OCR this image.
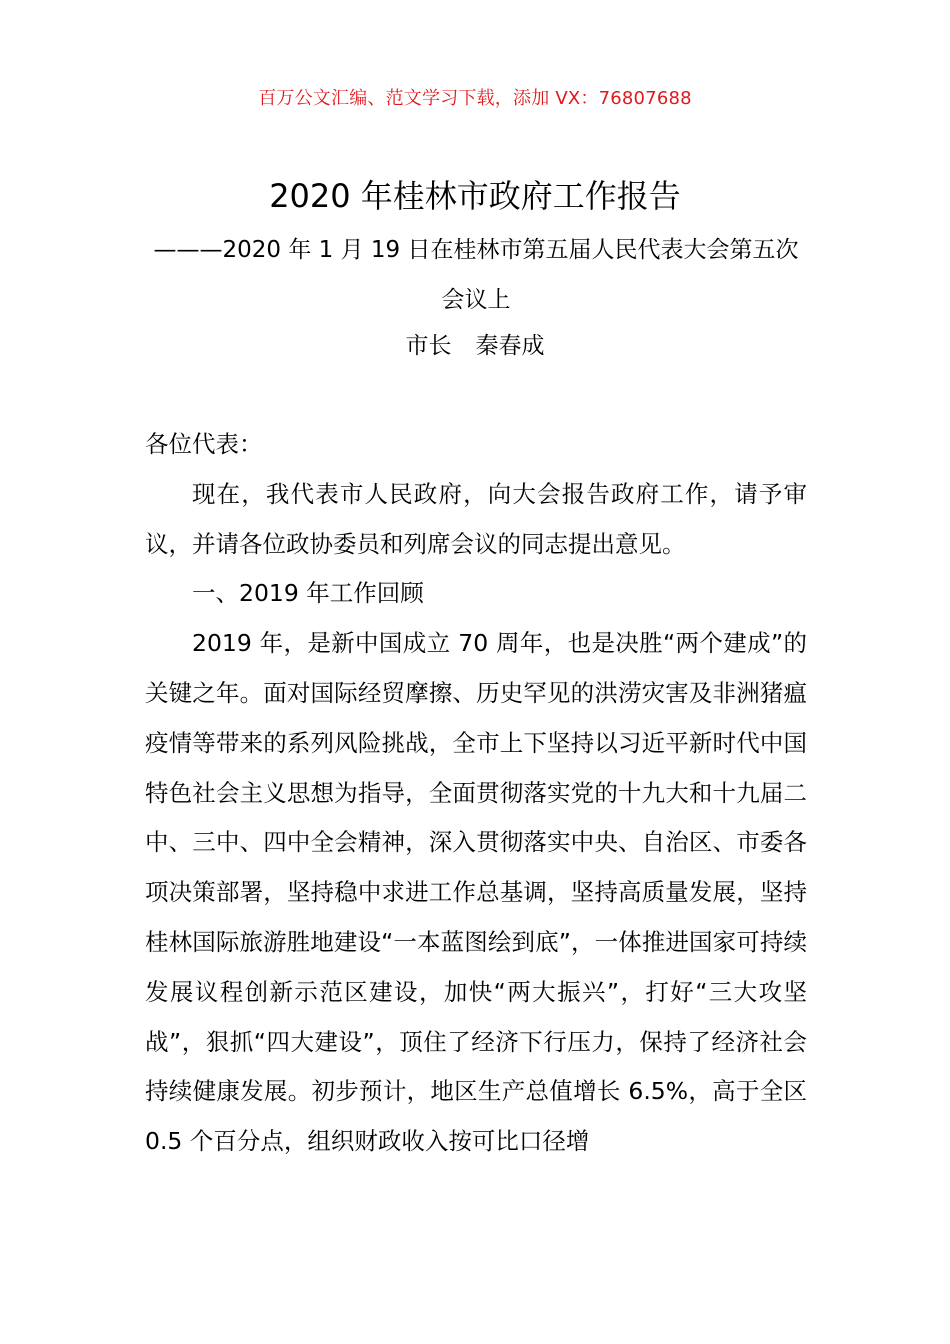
百万公文汇编、范文学习下载，添加 VX：76807688
2020 年桂林市政府工作报告
———2020 年 1 月 19 日在桂林市第五届人民代表大会第五次会议上
市长 秦春成

各位代表：

现在，我代表市人民政府，向大会报告政府工作，请予审议，并请各位政协委员和列席会议的同志提出意见。

一、2019 年工作回顾

2019 年，是新中国成立 70 周年，也是决胜“两个建成”的关键之年。面对国际经贸摩擦、历史罕见的洪涝灾害及非洲猪瘟疫情等带来的系列风险挑战，全市上下坚持以习近平新时代中国特色社会主义思想为指导，全面贯彻落实党的十九大和十九届二中、三中、四中全会精神，深入贯彻落实中央、自治区、市委各项决策部署，坚持稳中求进工作总基调，坚持高质量发展，坚持桂林国际旅游胜地建设“一本蓝图绘到底”，一体推进国家可持续发展议程创新示范区建设，加快“两大振兴”，打好“三大攻坚战”，狠抓“四大建设”，顶住了经济下行压力，保持了经济社会持续健康发展。初步预计，地区生产总值增长 6.5%，高于全区 0.5 个百分点，组织财政收入按可比口径增
